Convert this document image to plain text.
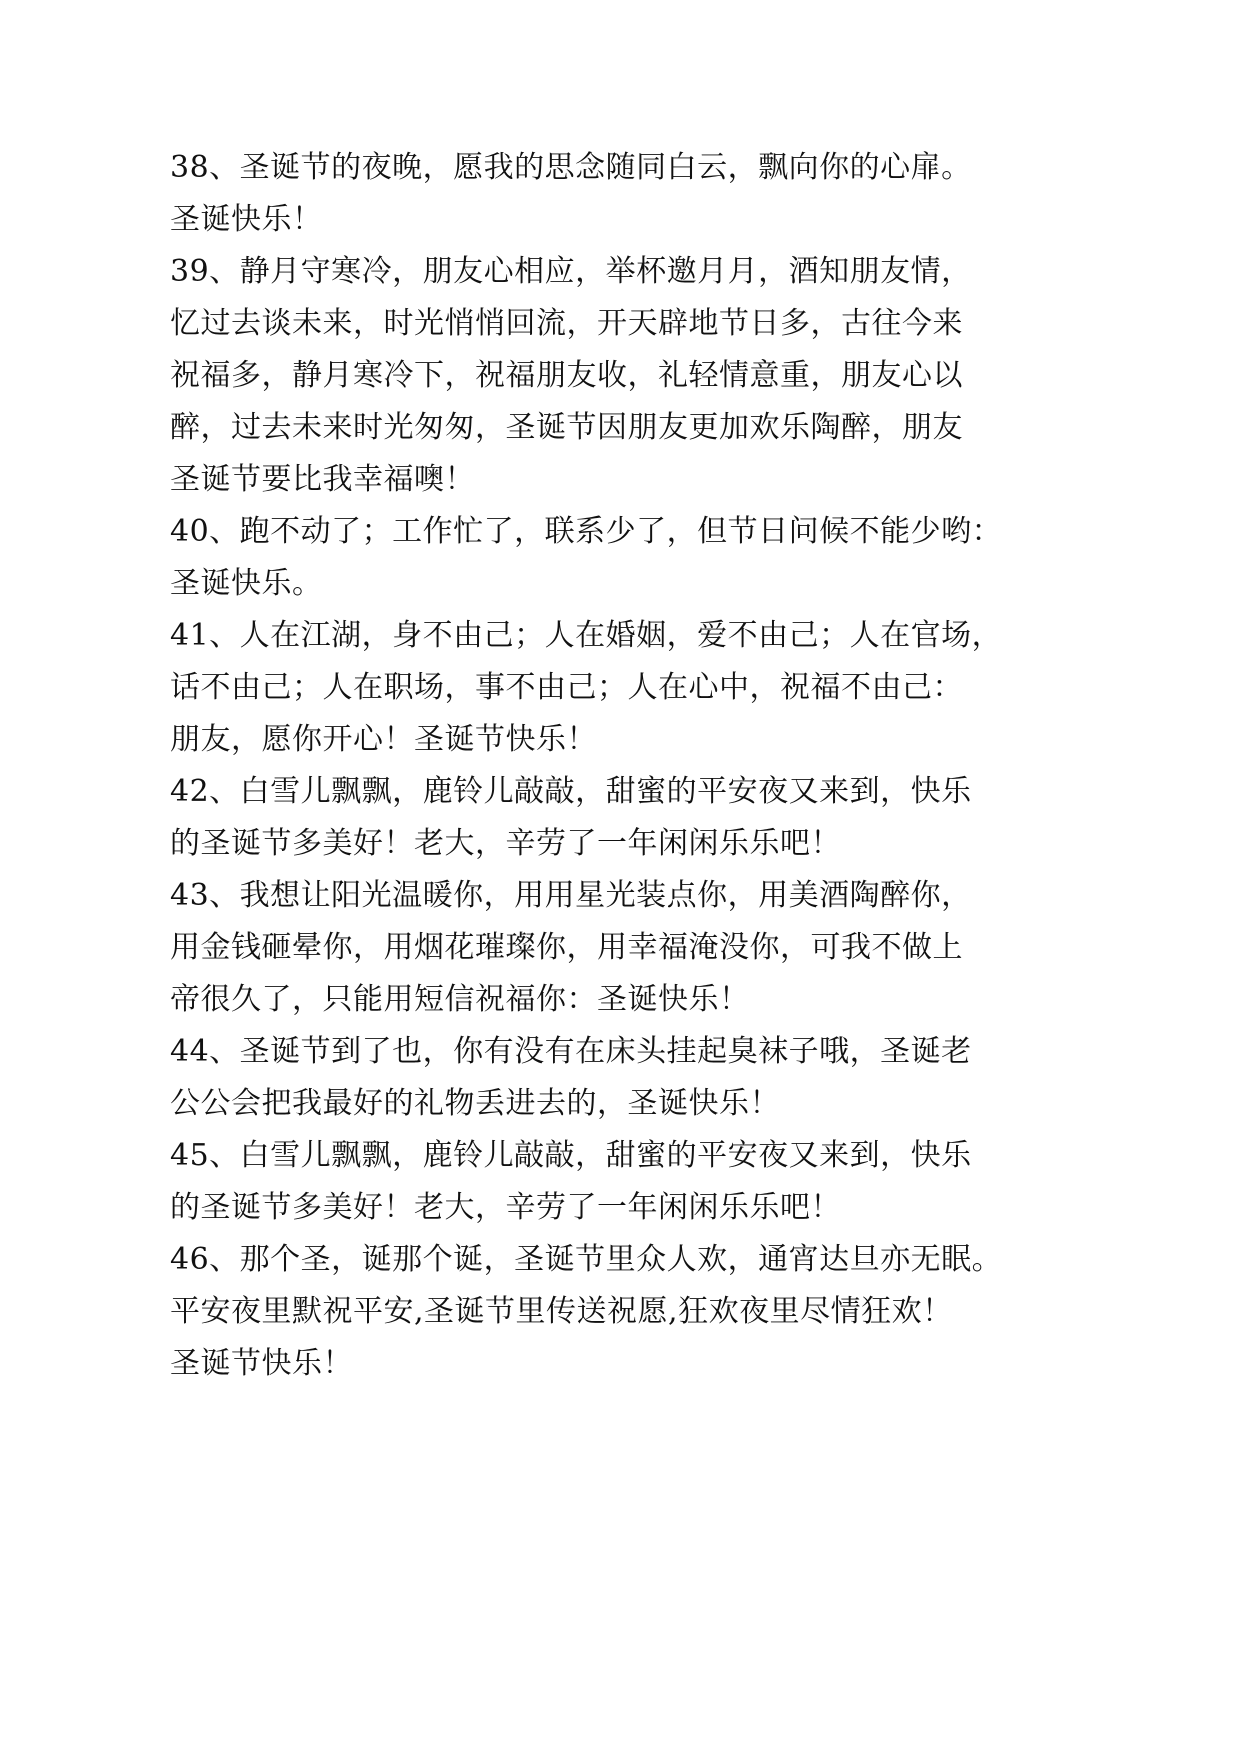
38、圣诞节的夜晚，愿我的思念随同白云，飘向你的心扉。
圣诞快乐！
39、静月守寒冷，朋友心相应，举杯邀月月，酒知朋友情，
忆过去谈未来，时光悄悄回流，开天辟地节日多，古往今来
祝福多，静月寒冷下，祝福朋友收，礼轻情意重，朋友心以
醉，过去未来时光匆匆，圣诞节因朋友更加欢乐陶醉，朋友
圣诞节要比我幸福噢！
40、跑不动了；工作忙了，联系少了，但节日问候不能少哟：
圣诞快乐。
41、人在江湖，身不由己；人在婚姻，爱不由己；人在官场，
话不由己；人在职场，事不由己；人在心中，祝福不由己：
朋友，愿你开心！圣诞节快乐！
42、白雪儿飘飘，鹿铃儿敲敲，甜蜜的平安夜又来到，快乐
的圣诞节多美好！老大，辛劳了一年闲闲乐乐吧！
43、我想让阳光温暖你，用用星光装点你，用美酒陶醉你，
用金钱砸晕你，用烟花璀璨你，用幸福淹没你，可我不做上
帝很久了，只能用短信祝福你：圣诞快乐！
44、圣诞节到了也，你有没有在床头挂起臭袜子哦，圣诞老
公公会把我最好的礼物丢进去的，圣诞快乐！
45、白雪儿飘飘，鹿铃儿敲敲，甜蜜的平安夜又来到，快乐
的圣诞节多美好！老大，辛劳了一年闲闲乐乐吧！
46、那个圣，诞那个诞，圣诞节里众人欢，通宵达旦亦无眠。
平安夜里默祝平安,圣诞节里传送祝愿,狂欢夜里尽情狂欢！
圣诞节快乐！
